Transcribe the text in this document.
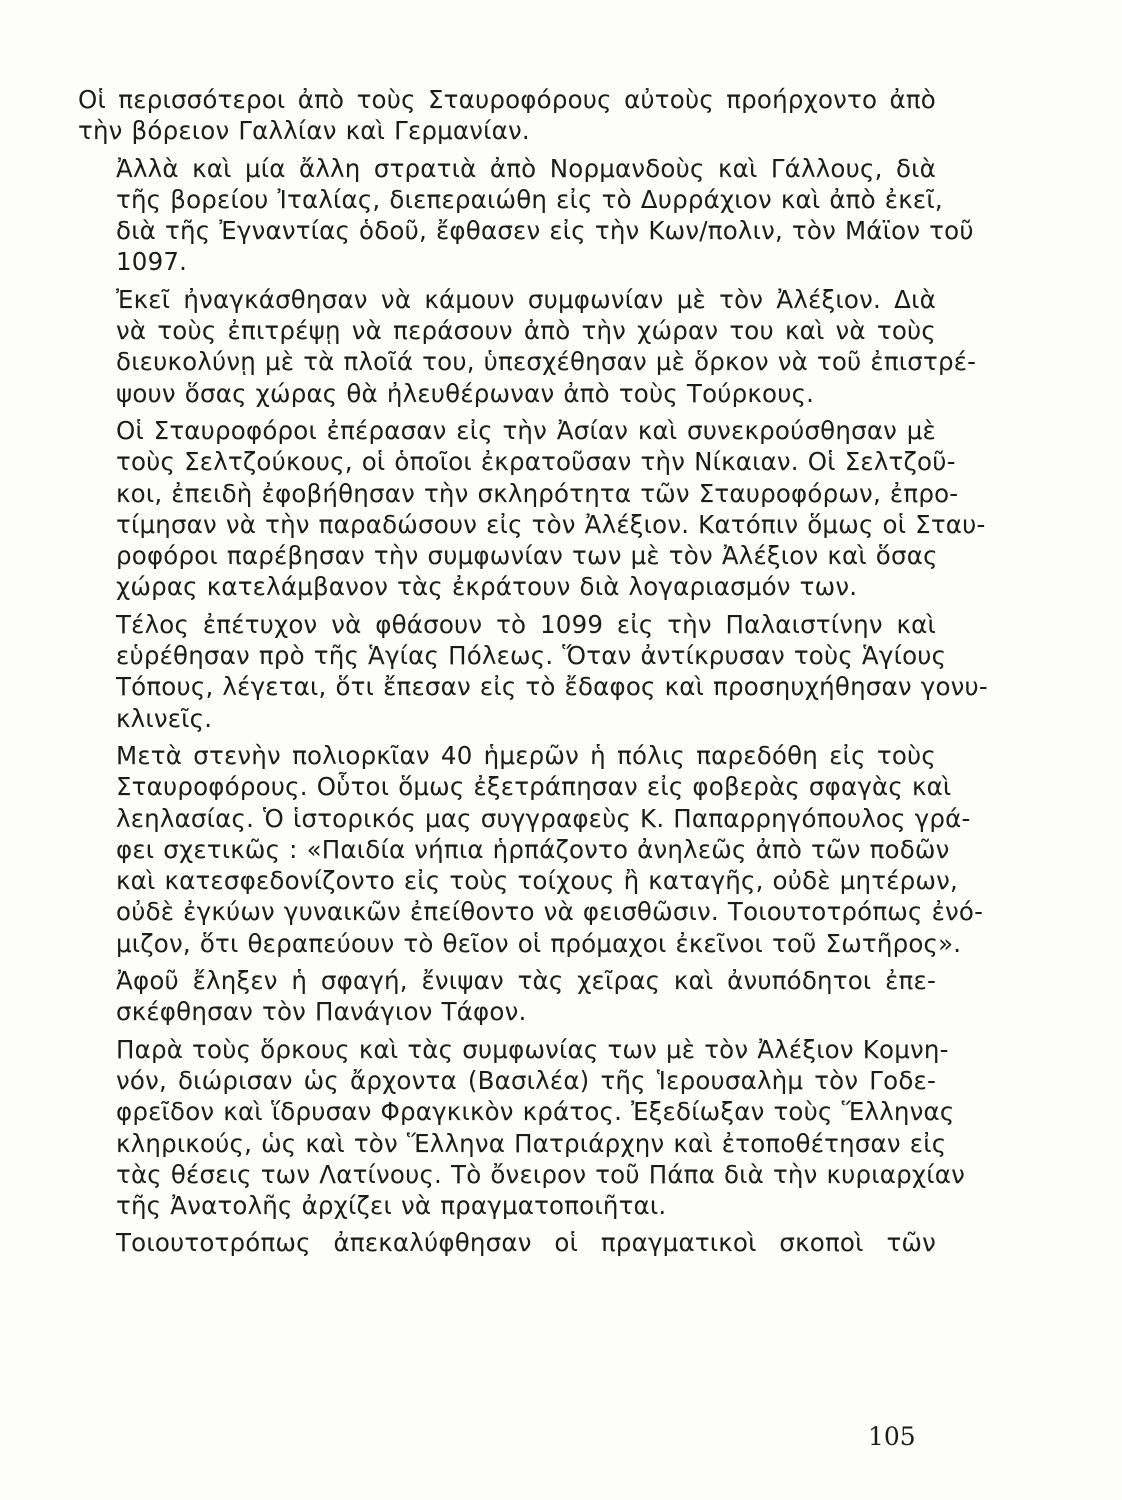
Οἱ περισσότεροι ἀπὸ τοὺς Σταυροφόρους αὐτοὺς προήρχοντο ἀπὸ
τὴν βόρειον Γαλλίαν καὶ Γερμανίαν.
Ἀλλὰ καὶ μία ἄλλη στρατιὰ ἀπὸ Νορμανδοὺς καὶ Γάλλους, διὰ
τῆς βορείου Ἰταλίας, διεπεραιώθη εἰς τὸ Δυρράχιον καὶ ἀπὸ ἐκεῖ,
διὰ τῆς Ἐγναντίας ὁδοῦ, ἔφθασεν εἰς τὴν Κων/πολιν, τὸν Μάϊον τοῦ
1097.
Ἐκεῖ ἠναγκάσθησαν νὰ κάμουν συμφωνίαν μὲ τὸν Ἀλέξιον. Διὰ
νὰ τοὺς ἐπιτρέψῃ νὰ περάσουν ἀπὸ τὴν χώραν του καὶ νὰ τοὺς
διευκολύνῃ μὲ τὰ πλοῖά του, ὑπεσχέθησαν μὲ ὅρκον νὰ τοῦ ἐπιστρέ-
ψουν ὅσας χώρας θὰ ἠλευθέρωναν ἀπὸ τοὺς Τούρκους.
Οἱ Σταυροφόροι ἐπέρασαν εἰς τὴν Ἀσίαν καὶ συνεκρούσθησαν μὲ
τοὺς Σελτζούκους, οἱ ὁποῖοι ἐκρατοῦσαν τὴν Νίκαιαν. Οἱ Σελτζοῦ-
κοι, ἐπειδὴ ἐφοβήθησαν τὴν σκληρότητα τῶν Σταυροφόρων, ἐπρο-
τίμησαν νὰ τὴν παραδώσουν εἰς τὸν Ἀλέξιον. Κατόπιν ὅμως οἱ Σταυ-
ροφόροι παρέβησαν τὴν συμφωνίαν των μὲ τὸν Ἀλέξιον καὶ ὅσας
χώρας κατελάμβανον τὰς ἐκράτουν διὰ λογαριασμόν των.
Τέλος ἐπέτυχον νὰ φθάσουν τὸ 1099 εἰς τὴν Παλαιστίνην καὶ
εὑρέθησαν πρὸ τῆς Ἁγίας Πόλεως. Ὅταν ἀντίκρυσαν τοὺς Ἁγίους
Τόπους, λέγεται, ὅτι ἔπεσαν εἰς τὸ ἔδαφος καὶ προσηυχήθησαν γονυ-
κλινεῖς.
Μετὰ στενὴν πολιορκῖαν 40 ἡμερῶν ἡ πόλις παρεδόθη εἰς τοὺς
Σταυροφόρους. Οὗτοι ὅμως ἐξετράπησαν εἰς φοβερὰς σφαγὰς καὶ
λεηλασίας. Ὁ ἱστορικός μας συγγραφεὺς Κ. Παπαρρηγόπουλος γρά-
φει σχετικῶς : «Παιδία νήπια ἡρπάζοντο ἀνηλεῶς ἀπὸ τῶν ποδῶν
καὶ κατεσφεδονίζοντο εἰς τοὺς τοίχους ἢ καταγῆς, οὐδὲ μητέρων,
οὐδὲ ἐγκύων γυναικῶν ἐπείθοντο νὰ φεισθῶσιν. Τοιουτοτρόπως ἐνό-
μιζον, ὅτι θεραπεύουν τὸ θεῖον οἱ πρόμαχοι ἐκεῖνοι τοῦ Σωτῆρος».
Ἀφοῦ ἔληξεν ἡ σφαγή, ἔνιψαν τὰς χεῖρας καὶ ἀνυπόδητοι ἐπε-
σκέφθησαν τὸν Πανάγιον Τάφον.
Παρὰ τοὺς ὅρκους καὶ τὰς συμφωνίας των μὲ τὸν Ἀλέξιον Κομνη-
νόν, διώρισαν ὡς ἄρχοντα (Βασιλέα) τῆς Ἱερουσαλὴμ τὸν Γοδε-
φρεῖδον καὶ ἵδρυσαν Φραγκικὸν κράτος. Ἐξεδίωξαν τοὺς Ἕλληνας
κληρικούς, ὡς καὶ τὸν Ἕλληνα Πατριάρχην καὶ ἐτοποθέτησαν εἰς
τὰς θέσεις των Λατίνους. Τὸ ὄνειρον τοῦ Πάπα διὰ τὴν κυριαρχίαν
τῆς Ἀνατολῆς ἀρχίζει νὰ πραγματοποιῆται.
Τοιουτοτρόπως ἀπεκαλύφθησαν οἱ πραγματικοὶ σκοποὶ τῶν
105
